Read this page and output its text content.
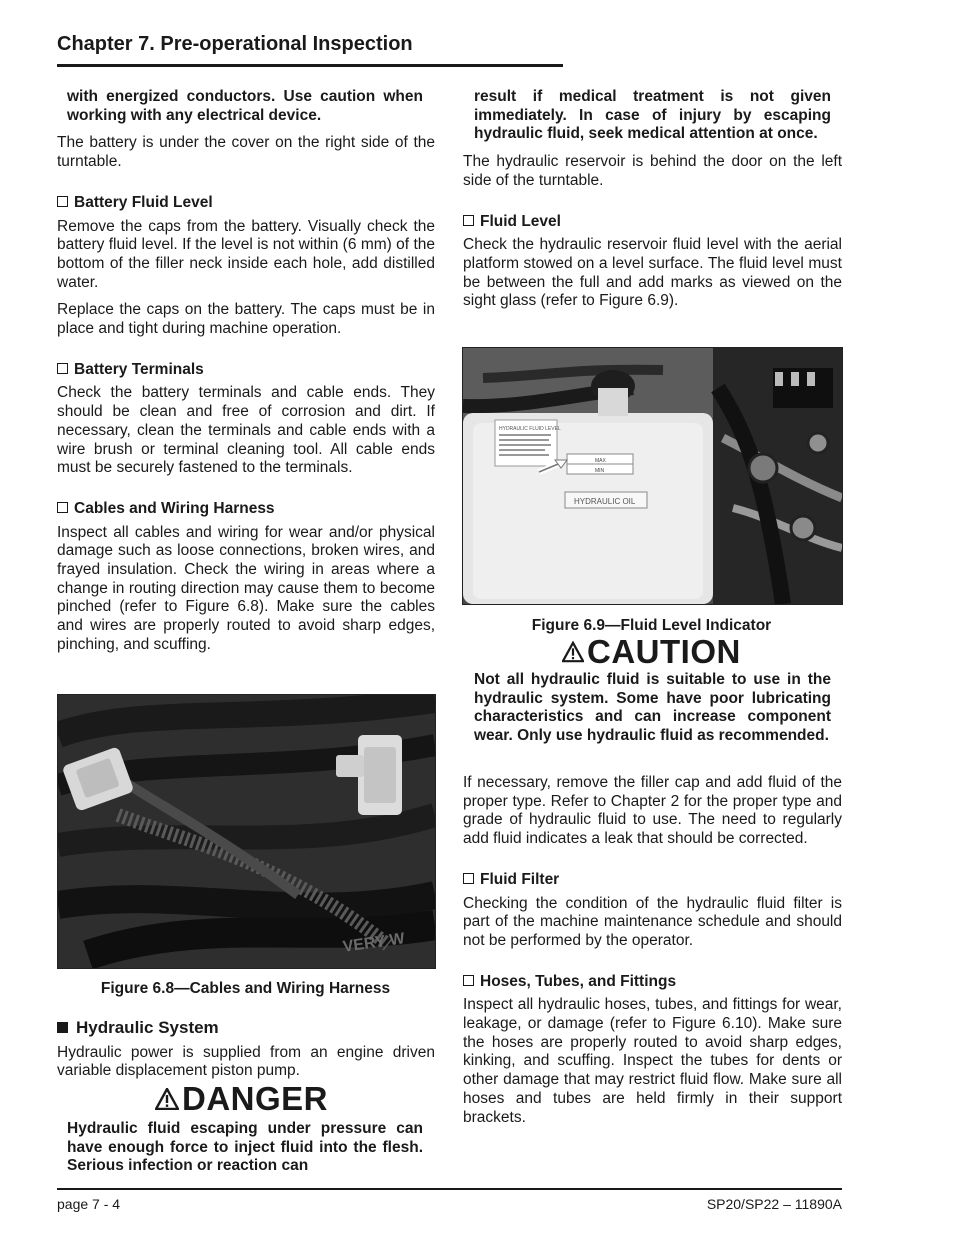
Chapter 7. Pre-operational Inspection

with energized conductors. Use caution when working with any electrical device.

The battery is under the cover on the right side of the turntable.

Battery Fluid Level

Remove the caps from the battery. Visually check the battery fluid level. If the level is not within (6 mm) of the bottom of the filler neck inside each hole, add distilled water.

Replace the caps on the battery. The caps must be in place and tight during machine operation.

Battery Terminals

Check the battery terminals and cable ends. They should be clean and free of corrosion and dirt. If necessary, clean the terminals and cable ends with a wire brush or terminal cleaning tool. All cable ends must be securely fastened to the terminals.

Cables and Wiring Harness

Inspect all cables and wiring for wear and/or physical damage such as loose connections, broken wires, and frayed insulation. Check the wiring in areas where a change in routing direction may cause them to become pinched (refer to Figure 6.8). Make sure the cables and wires are properly routed to avoid sharp edges, pinching, and scuffing.

VERY W
Figure 6.8—Cables and Wiring Harness
Hydraulic System

Hydraulic power is supplied from an engine driven variable displacement piston pump.

DANGER

Hydraulic fluid escaping under pressure can have enough force to inject fluid into the flesh. Serious infection or reaction can

result if medical treatment is not given immediately. In case of injury by escaping hydraulic fluid, seek medical attention at once.

The hydraulic reservoir is behind the door on the left side of the turntable.

Fluid Level

Check the hydraulic reservoir fluid level with the aerial platform stowed on a level surface. The fluid level must be between the full and add marks as viewed on the sight glass (refer to Figure 6.9).

HYDRAULIC FLUID LEVEL
MAX
MIN
HYDRAULIC OIL
Figure 6.9—Fluid Level Indicator
CAUTION

Not all hydraulic fluid is suitable to use in the hydraulic system. Some have poor lubricating characteristics and can increase component wear. Only use hydraulic fluid as recommended.

If necessary, remove the filler cap and add fluid of the proper type. Refer to Chapter 2 for the proper type and grade of hydraulic fluid to use. The need to regularly add fluid indicates a leak that should be corrected.

Fluid Filter

Checking the condition of the hydraulic fluid filter is part of the machine maintenance schedule and should not be performed by the operator.

Hoses, Tubes, and Fittings

Inspect all hydraulic hoses, tubes, and fittings for wear, leakage, or damage (refer to Figure 6.10). Make sure the hoses are properly routed to avoid sharp edges, kinking, and scuffing. Inspect the tubes for dents or other damage that may restrict fluid flow. Make sure all hoses and tubes are held firmly in their support brackets.

page 7 - 4	SP20/SP22 – 11890A
